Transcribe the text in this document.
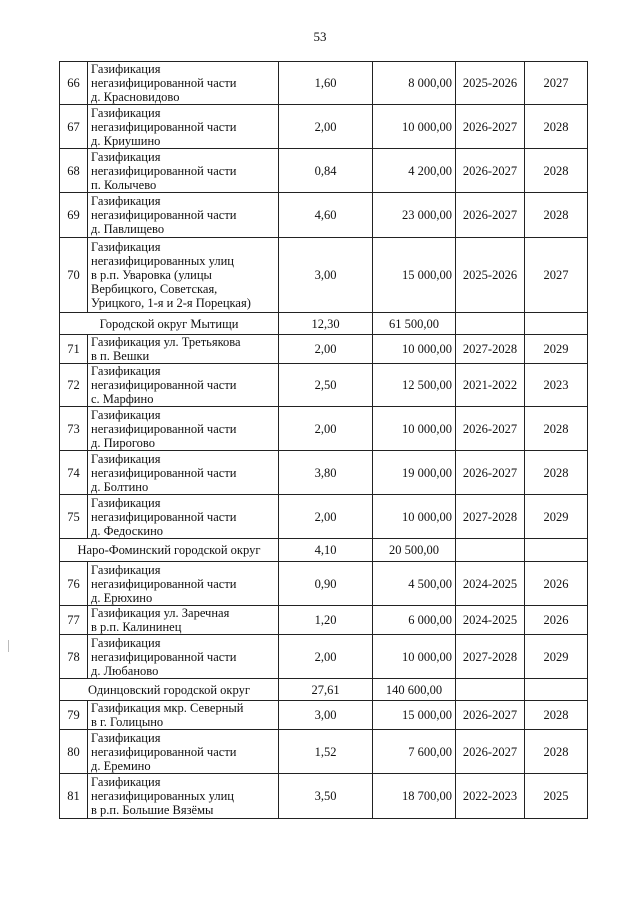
53
66	Газификация
негазифицированной части
д. Красновидово	1,60	8 000,00	2025-2026	2027
67	Газификация
негазифицированной части
д. Криушино	2,00	10 000,00	2026-2027	2028
68	Газификация
негазифицированной части
п. Колычево	0,84	4 200,00	2026-2027	2028
69	Газификация
негазифицированной части
д. Павлищево	4,60	23 000,00	2026-2027	2028
70	Газификация
негазифицированных улиц
в р.п. Уваровка (улицы
Вербицкого, Советская,
Урицкого, 1-я и 2-я Порецкая)	3,00	15 000,00	2025-2026	2027
Городской округ Мытищи		12,30	61 500,00		
71	Газификация ул. Третьякова
в п. Вешки	2,00	10 000,00	2027-2028	2029
72	Газификация
негазифицированной части
с. Марфино	2,50	12 500,00	2021-2022	2023
73	Газификация
негазифицированной части
д. Пирогово	2,00	10 000,00	2026-2027	2028
74	Газификация
негазифицированной части
д. Болтино	3,80	19 000,00	2026-2027	2028
75	Газификация
негазифицированной части
д. Федоскино	2,00	10 000,00	2027-2028	2029
Наро-Фоминский городской округ		4,10	20 500,00		
76	Газификация
негазифицированной части
д. Ерюхино	0,90	4 500,00	2024-2025	2026
77	Газификация ул. Заречная
в р.п. Калининец	1,20	6 000,00	2024-2025	2026
78	Газификация
негазифицированной части
д. Любаново	2,00	10 000,00	2027-2028	2029
Одинцовский городской округ		27,61	140 600,00		
79	Газификация мкр. Северный
в г. Голицыно	3,00	15 000,00	2026-2027	2028
80	Газификация
негазифицированной части
д. Еремино	1,52	7 600,00	2026-2027	2028
81	Газификация
негазифицированных улиц
в р.п. Большие Вязёмы	3,50	18 700,00	2022-2023	2025
